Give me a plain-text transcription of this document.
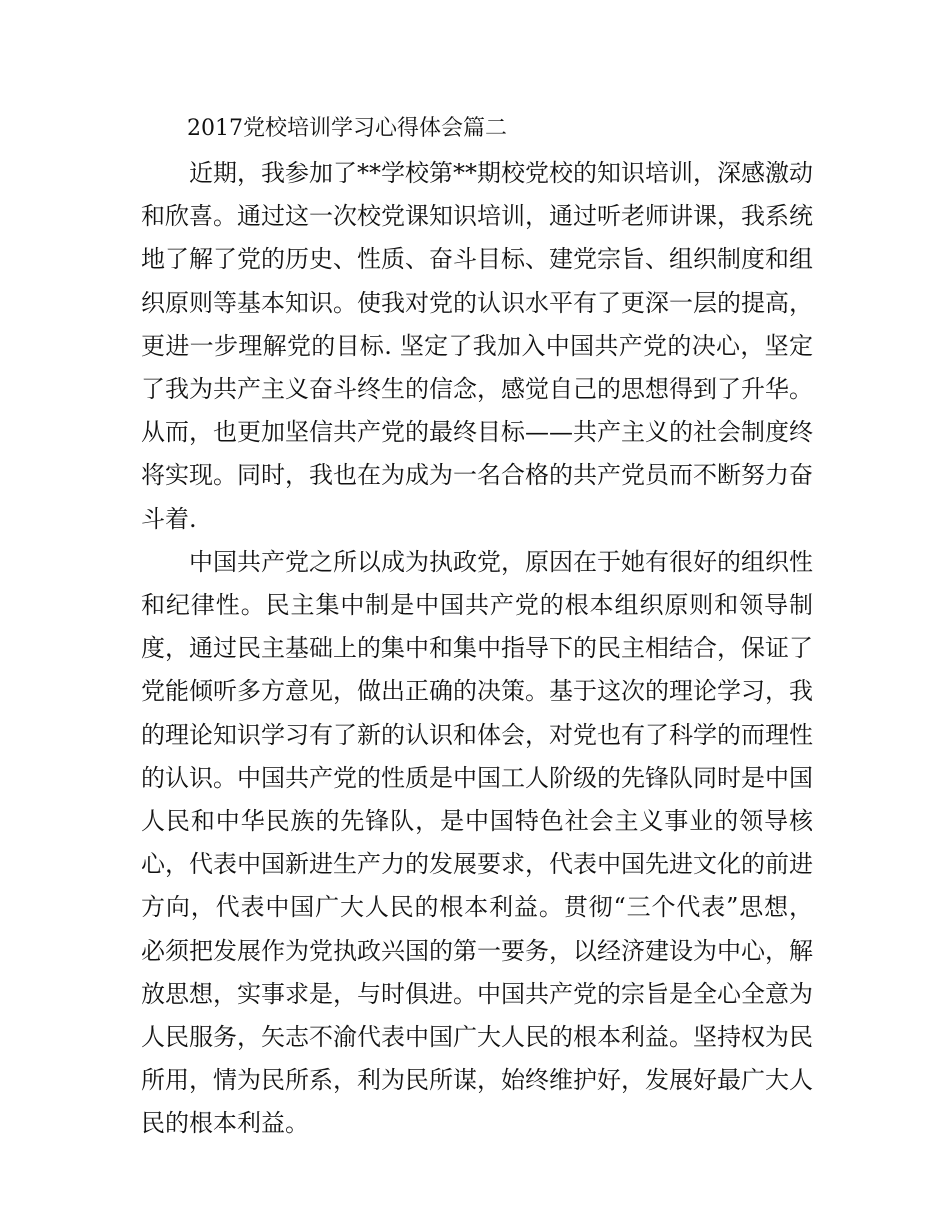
2017党校培训学习心得体会篇二

近期，我参加了**学校第**期校党校的知识培训，深感激动和欣喜。通过这一次校党课知识培训，通过听老师讲课，我系统地了解了党的历史、性质、奋斗目标、建党宗旨、组织制度和组织原则等基本知识。使我对党的认识水平有了更深一层的提高，更进一步理解党的目标. 坚定了我加入中国共产党的决心，坚定了我为共产主义奋斗终生的信念，感觉自己的思想得到了升华。从而，也更加坚信共产党的最终目标——共产主义的社会制度终将实现。同时，我也在为成为一名合格的共产党员而不断努力奋斗着.

中国共产党之所以成为执政党，原因在于她有很好的组织性和纪律性。民主集中制是中国共产党的根本组织原则和领导制度，通过民主基础上的集中和集中指导下的民主相结合，保证了党能倾听多方意见，做出正确的决策。基于这次的理论学习，我的理论知识学习有了新的认识和体会，对党也有了科学的而理性的认识。中国共产党的性质是中国工人阶级的先锋队同时是中国人民和中华民族的先锋队，是中国特色社会主义事业的领导核心，代表中国新进生产力的发展要求，代表中国先进文化的前进方向，代表中国广大人民的根本利益。贯彻“三个代表”思想，必须把发展作为党执政兴国的第一要务，以经济建设为中心，解放思想，实事求是，与时俱进。中国共产党的宗旨是全心全意为人民服务，矢志不渝代表中国广大人民的根本利益。坚持权为民所用，情为民所系，利为民所谋，始终维护好，发展好最广大人民的根本利益。
